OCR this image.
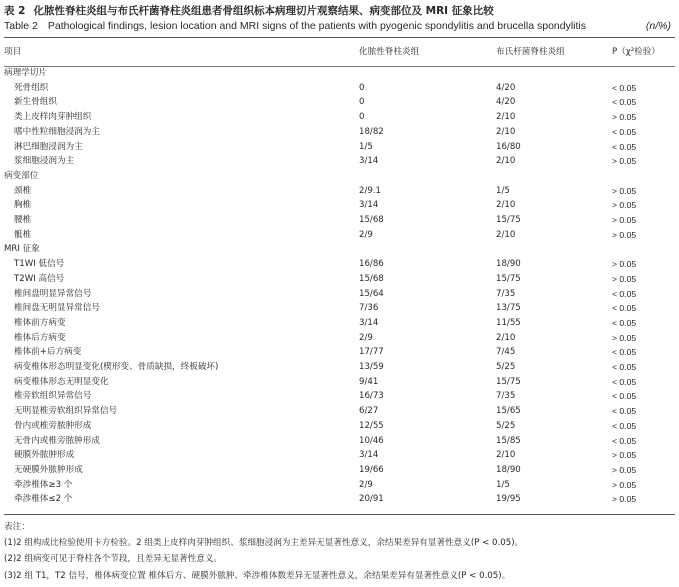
表 2 化脓性脊柱炎组与布氏杆菌脊柱炎组患者骨组织标本病理切片观察结果、病变部位及 MRI 征象比较
Table 2 Pathological findings, lesion location and MRI signs of the patients with pyogenic spondylitis and brucella spondylitis	(n/%)
项目	化脓性脊柱炎组	布氏杆菌脊柱炎组	P（χ²检验）
病理学切片			
死骨组织	0	4/20	< 0.05
新生骨组织	0	4/20	< 0.05
类上皮样肉芽肿组织	0	2/10	> 0.05
嗜中性粒细胞浸润为主	18/82	2/10	< 0.05
淋巴细胞浸润为主	1/5	16/80	< 0.05
浆细胞浸润为主	3/14	2/10	> 0.05
病变部位			
颈椎	2/9.1	1/5	> 0.05
胸椎	3/14	2/10	> 0.05
腰椎	15/68	15/75	> 0.05
骶椎	2/9	2/10	> 0.05
MRI 征象			
T1WI 低信号	16/86	18/90	> 0.05
T2WI 高信号	15/68	15/75	> 0.05
椎间盘明显异常信号	15/64	7/35	< 0.05
椎间盘无明显异常信号	7/36	13/75	< 0.05
椎体前方病变	3/14	11/55	< 0.05
椎体后方病变	2/9	2/10	> 0.05
椎体前+后方病变	17/77	7/45	< 0.05
病变椎体形态明显变化(楔形变、骨质缺损，终板破坏)	13/59	5/25	< 0.05
病变椎体形态无明显变化	9/41	15/75	< 0.05
椎旁软组织异常信号	16/73	7/35	< 0.05
无明显椎旁软组织异常信号	6/27	15/65	< 0.05
骨内或椎旁脓肿形成	12/55	5/25	< 0.05
无骨内或椎旁脓肿形成	10/46	15/85	< 0.05
硬膜外脓肿形成	3/14	2/10	> 0.05
无硬膜外脓肿形成	19/66	18/90	> 0.05
牵涉椎体≥3 个	2/9	1/5	> 0.05
牵涉椎体≤2 个	20/91	19/95	> 0.05
表注：
(1)2 组构成比检验使用卡方检验。2 组类上皮样肉芽肿组织、浆细胞浸润为主差异无显著性意义，余结果差异有显著性意义(P < 0.05)。
(2)2 组病变可见于脊柱各个节段，且差异无显著性意义。
(3)2 组 T1，T2 信号，椎体病变位置 椎体后方、硬膜外脓肿、牵涉椎体数差异无显著性意义，余结果差异有显著性意义(P < 0.05)。
